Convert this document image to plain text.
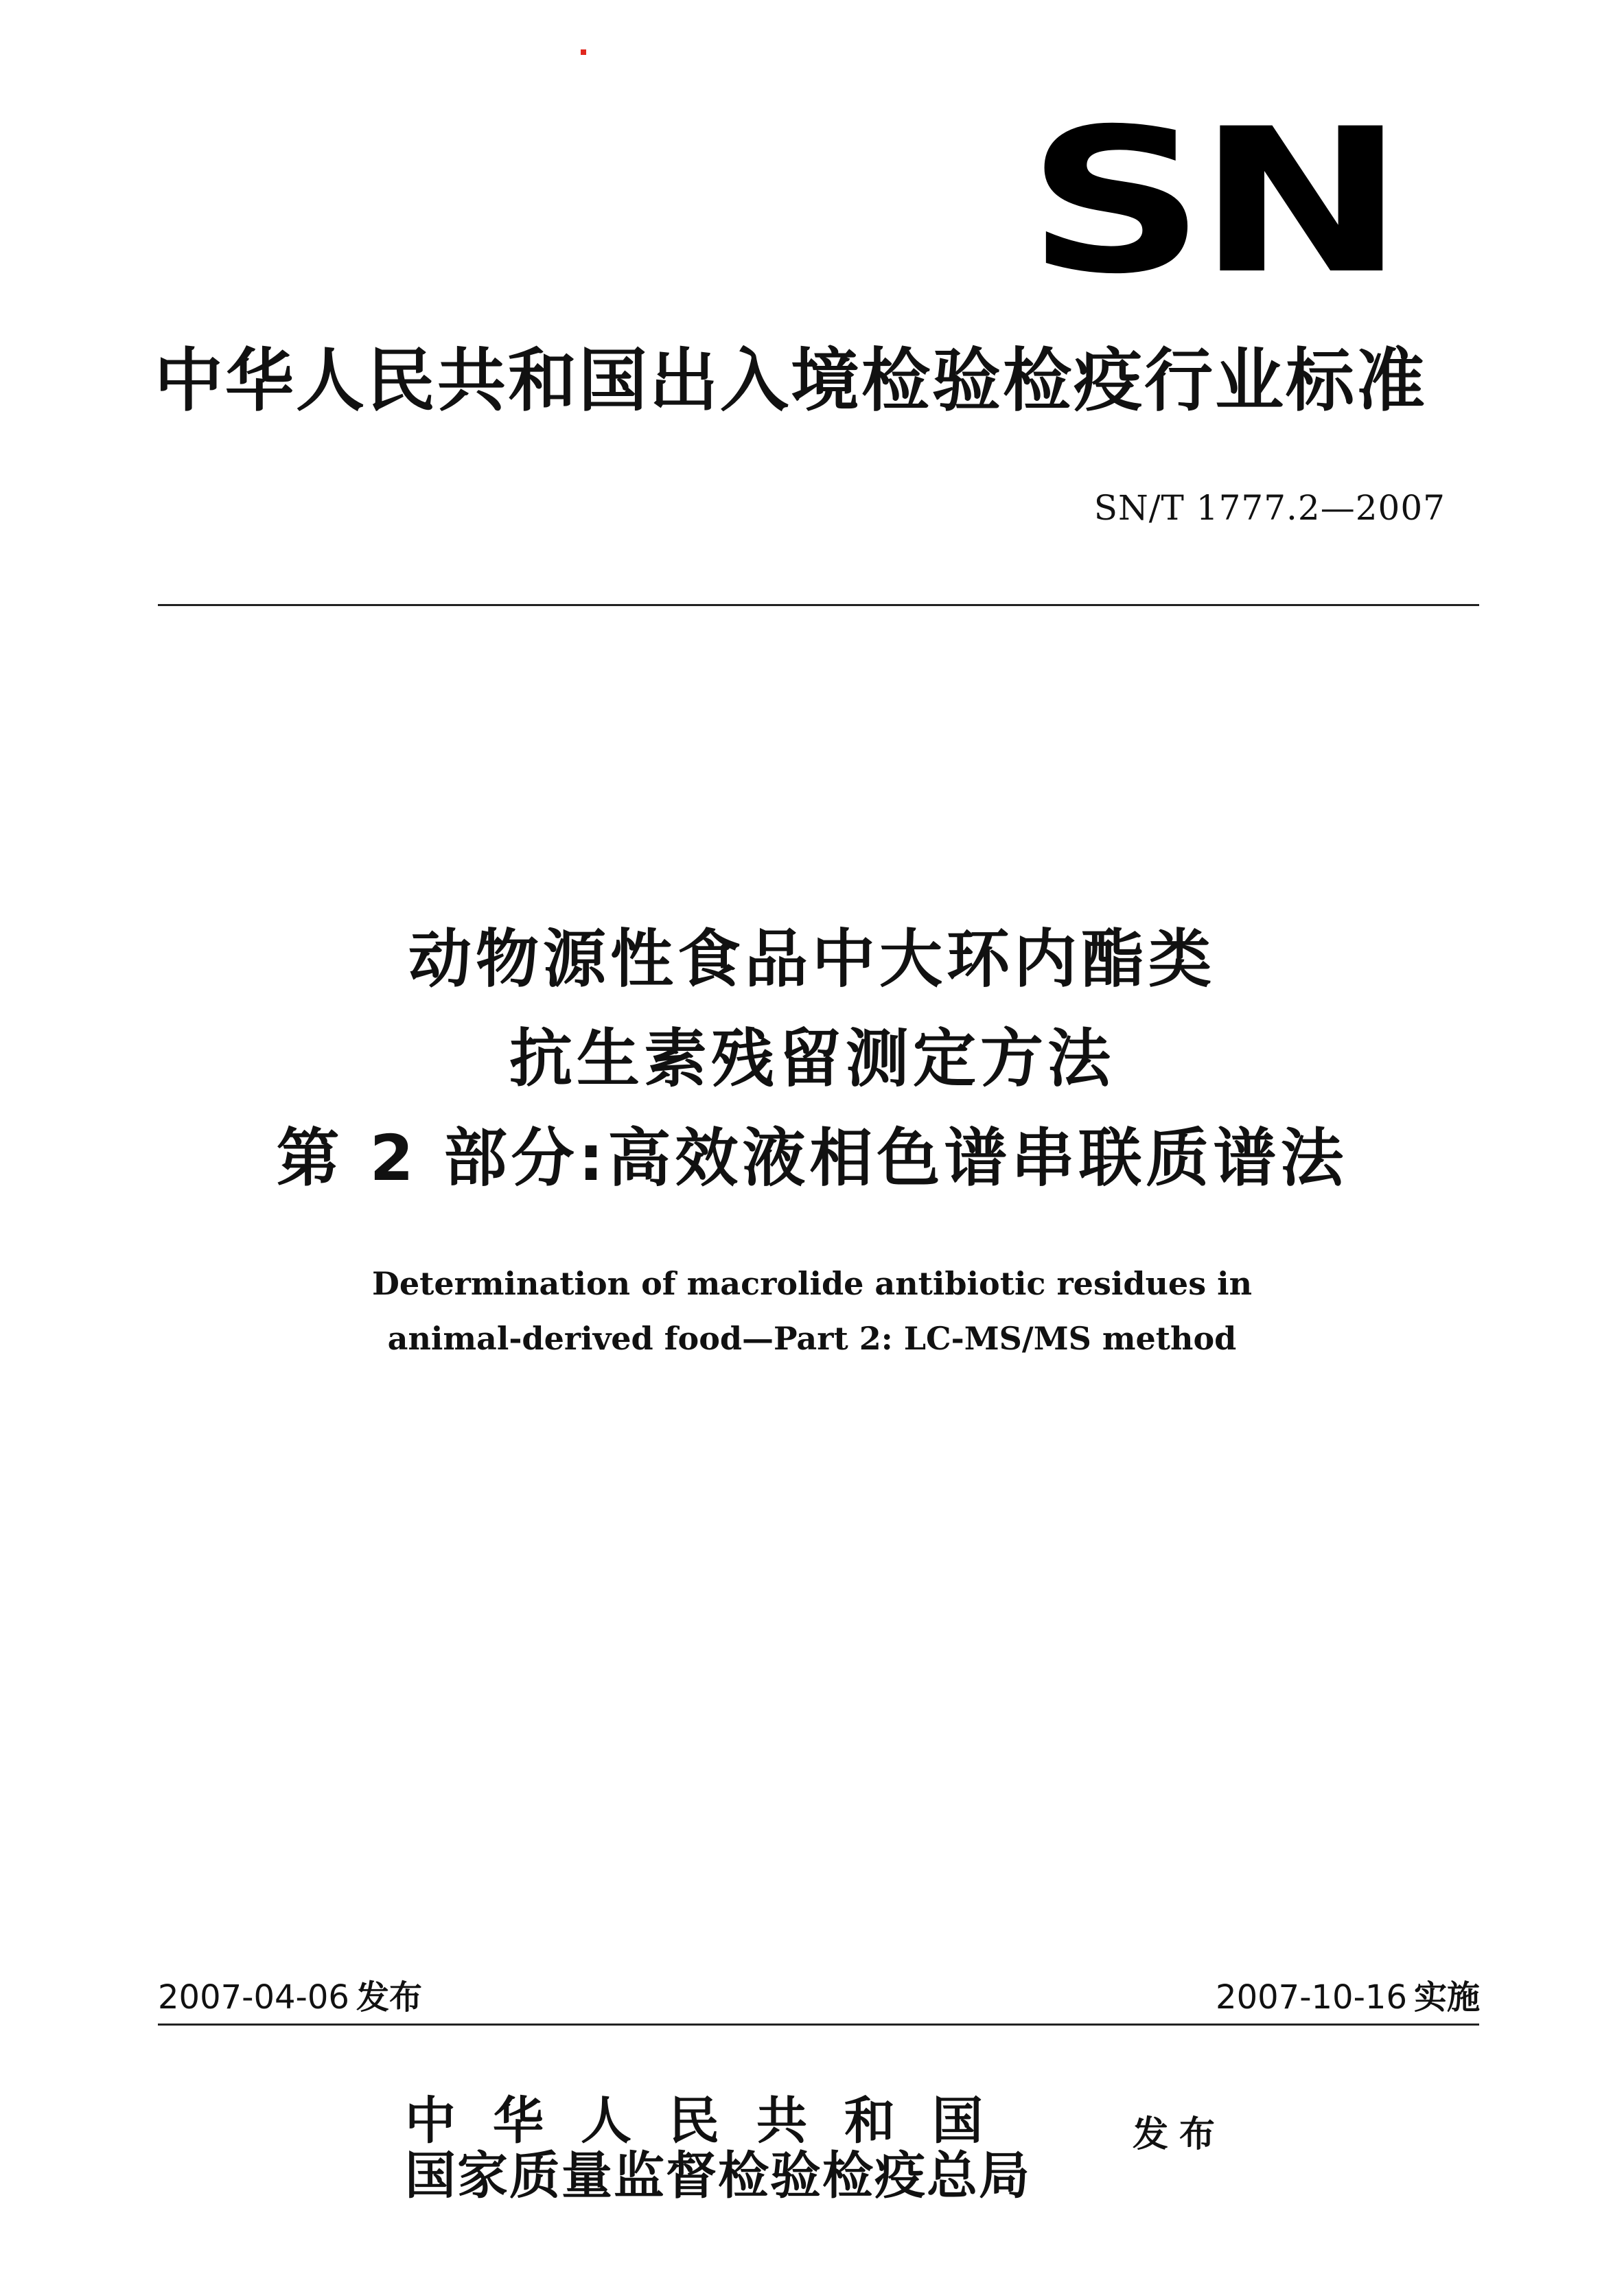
SN
中华人民共和国出入境检验检疫行业标准
SN/T 1777.2—2007
动物源性食品中大环内酯类
抗生素残留测定方法
第 2 部分:高效液相色谱串联质谱法
Determination of macrolide antibiotic residues in
animal-derived food—Part 2: LC-MS/MS method
2007-04-06 发布	2007-10-16 实施
中华人民共和国
国家质量监督检验检疫总局
发布
